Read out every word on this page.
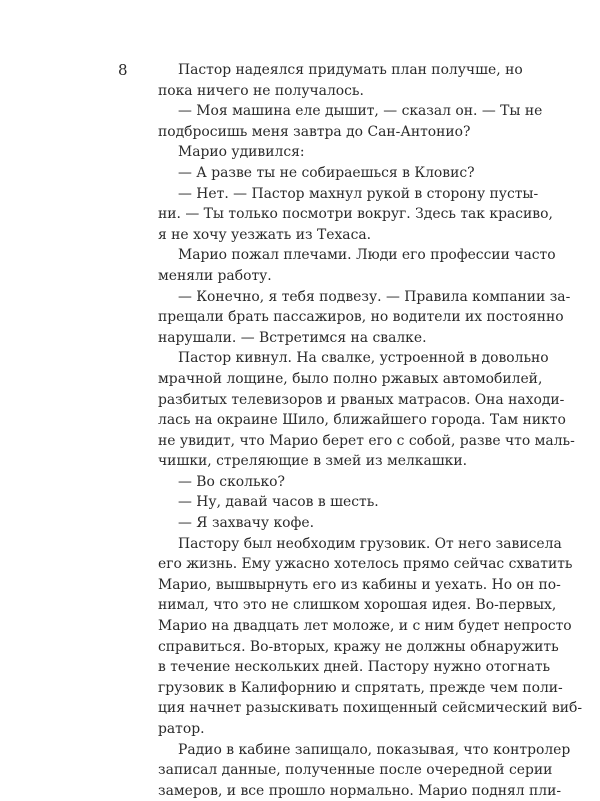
8	Пастор надеялся придумать план получше, но
пока ничего не получалось.
— Моя машина еле дышит, — сказал он. — Ты не
подбросишь меня завтра до Сан-Антонио?
Марио удивился:
— А разве ты не собираешься в Кловис?
— Нет. — Пастор махнул рукой в сторону пусты-
ни. — Ты только посмотри вокруг. Здесь так красиво,
я не хочу уезжать из Техаса.
Марио пожал плечами. Люди его профессии часто
меняли работу.
— Конечно, я тебя подвезу. — Правила компании за-
прещали брать пассажиров, но водители их постоянно
нарушали. — Встретимся на свалке.
Пастор кивнул. На свалке, устроенной в довольно
мрачной лощине, было полно ржавых автомобилей,
разбитых телевизоров и рваных матрасов. Она находи-
лась на окраине Шило, ближайшего города. Там никто
не увидит, что Марио берет его с собой, разве что маль-
чишки, стреляющие в змей из мелкашки.
— Во сколько?
— Ну, давай часов в шесть.
— Я захвачу кофе.
Пастору был необходим грузовик. От него зависела
его жизнь. Ему ужасно хотелось прямо сейчас схватить
Марио, вышвырнуть его из кабины и уехать. Но он по-
нимал, что это не слишком хорошая идея. Во-первых,
Марио на двадцать лет моложе, и с ним будет непросто
справиться. Во-вторых, кражу не должны обнаружить
в течение нескольких дней. Пастору нужно отогнать
грузовик в Калифорнию и спрятать, прежде чем поли-
ция начнет разыскивать похищенный сейсмический виб-
ратор.
Радио в кабине запищало, показывая, что контролер
записал данные, полученные после очередной серии
замеров, и все прошло нормально. Марио поднял пли-
